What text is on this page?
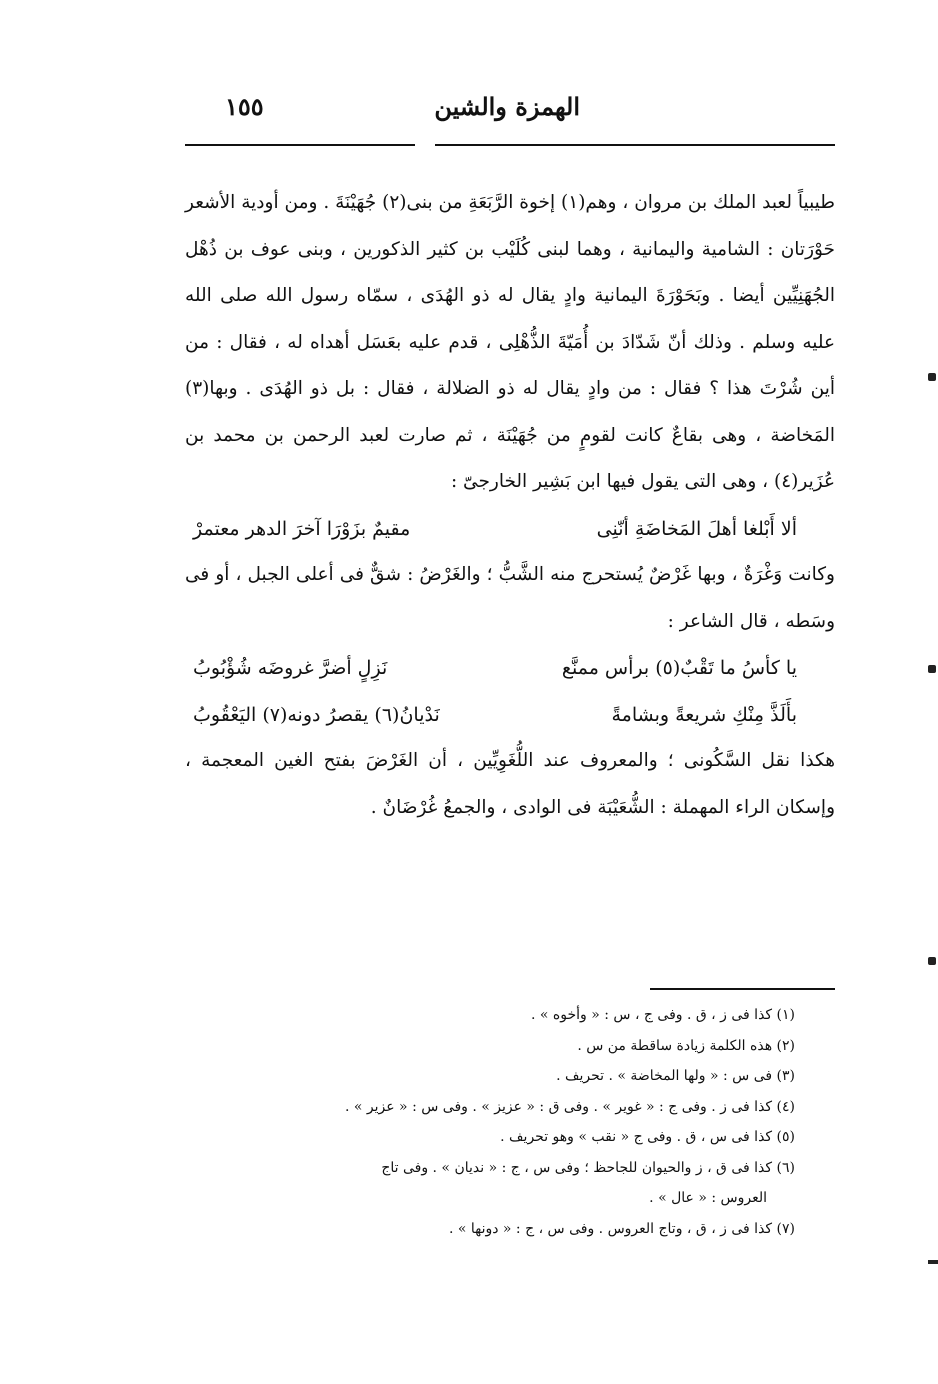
الهمزة والشين
١٥٥

طيبياً لعبد الملك بن مروان ، وهم(١) إخوة الرَّبَعَةِ من بنى(٢) جُهَيْنَةَ . ومن أودية الأشعر حَوْرَتان : الشامية واليمانية ، وهما لبنى كُلَيْب بن كثير الذكورين ، وبنى عوف بن ذُهْل الجُهَنِيِّين أيضا . وبَحَوْرَةَ اليمانية وادٍ يقال له ذو الهُدَى ، سمّاه رسول الله صلى الله عليه وسلم . وذلك أنّ شَدّادَ بن أُمَيّةَ الذُّهْلِى ، قدم عليه بعَسَل أهداه له ، فقال : من أين شُرْتَ هذا ؟ فقال : من وادٍ يقال له ذو الضلالة ، فقال : بل ذو الهُدَى . وبها(٣) المَخاضة ، وهى بقاعٌ كانت لقومٍ من جُهَيْنَة ، ثم صارت لعبد الرحمن بن محمد بن عُزَير(٤) ، وهى التى يقول فيها ابن بَشِير الخارجىّ :

ألا أَبْلغا أهلَ المَخاضَةِ أنّنِى
مقيمٌ بزَوْرَا آخرَ الدهر معتمرْ

وكانت وَغْرَةٌ ، وبها غَرْضٌ يُستحرج منه الشَّبُّ ؛ والغَرْضُ : شقٌّ فى أعلى الجبل ، أو فى وسَطه ، قال الشاعر :

يا كأسُ ما تَقْبٌ(٥) برأس ممنَّع
نَزِلٍ أضرَّ غروضَه شُؤْبُوبُ
بأَلَذَّ مِنْكِ شريعةً وبشامةً
نَدْيانُ(٦) يقصرُ دونه(٧) اليَعْقُوبُ

هكذا نقل السَّكُونى ؛ والمعروف عند اللُّغَوِيِّين ، أن الغَرْضَ بفتح الغين المعجمة ، وإسكان الراء المهملة : الشُّعَيْبَة فى الوادى ، والجمعُ غُرْضَانٌ .

(١) كذا فى ز ، ق . وفى ج ، س : « وأخوه » .
(٢) هذه الكلمة زيادة ساقطة من س .
(٣) فى س : « ولها المخاضة » . تحريف .
(٤) كذا فى ز . وفى ج : « غوير » . وفى ق : « عزيز » . وفى س : « عزير » .
(٥) كذا فى س ، ق . وفى ج « نقب » وهو تحريف .
(٦) كذا فى ق ، ز والحيوان للجاحظ ؛ وفى س ، ج : « نديان » . وفى تاج
العروس : « عال » .
(٧) كذا فى ز ، ق ، وتاج العروس . وفى س ، ج : « دونها » .
